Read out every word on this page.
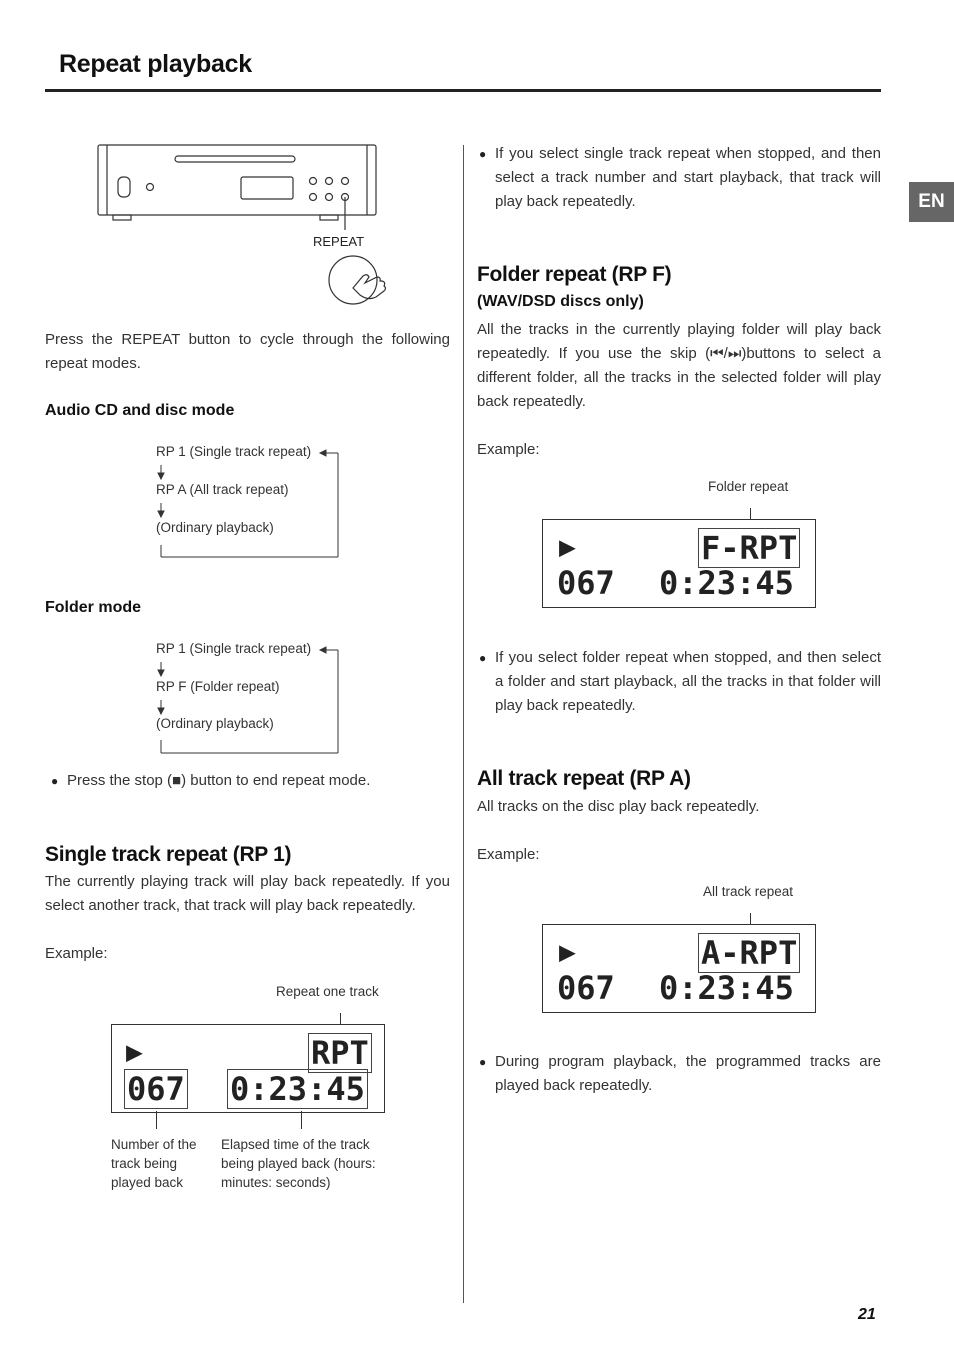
Repeat playback
EN
REPEAT
Press the REPEAT button to cycle through the following repeat modes.
Audio CD and disc mode
RP 1 (Single track repeat)
RP A (All track repeat)
(Ordinary playback)
Folder mode
RP 1 (Single track repeat)
RP F (Folder repeat)
(Ordinary playback)
● Press the stop (■) button to end repeat mode.
Single track repeat (RP 1)
The currently playing track will play back repeatedly. If you select another track, that track will play back repeatedly.
Example:
Repeat one track
▶	RPT
067 0:23:45
Number of the track being played back
Elapsed time of the track being played back (hours: minutes: seconds)
● If you select single track repeat when stopped, and then select a track number and start playback, that track will play back repeatedly.
Folder repeat (RP F)
(WAV/DSD discs only)
All the tracks in the currently playing folder will play back repeatedly. If you use the skip (⏮/⏭)buttons to select a different folder, all the tracks in the selected folder will play back repeatedly.
Example:
Folder repeat
▶	F-RPT
067 0:23:45
● If you select folder repeat when stopped, and then select a folder and start playback, all the tracks in that folder will play back repeatedly.
All track repeat (RP A)
All tracks on the disc play back repeatedly.
Example:
All track repeat
▶	A-RPT
067 0:23:45
● During program playback, the programmed tracks are played back repeatedly.
21
